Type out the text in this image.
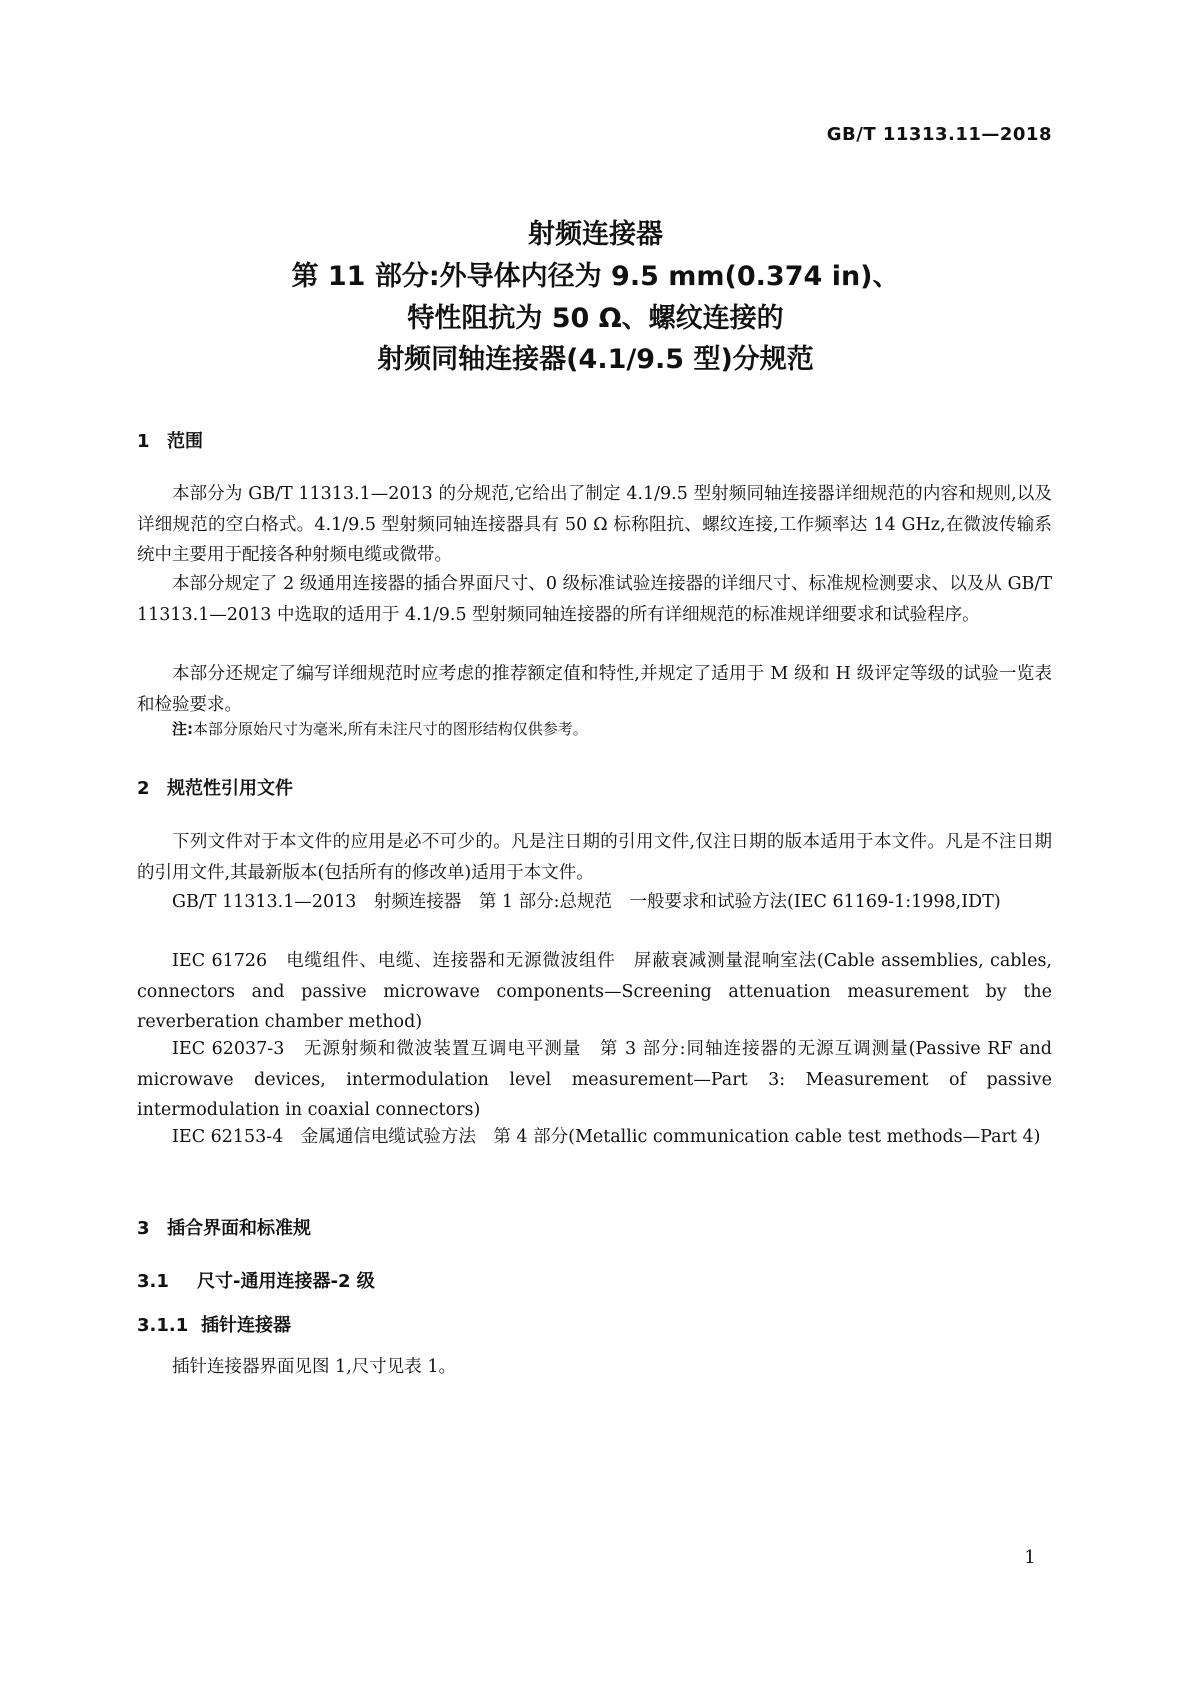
GB/T 11313.11—2018
射频连接器
第 11 部分:外导体内径为 9.5 mm(0.374 in)、
特性阻抗为 50 Ω、螺纹连接的
射频同轴连接器(4.1/9.5 型)分规范
1 范围
本部分为 GB/T 11313.1—2013 的分规范,它给出了制定 4.1/9.5 型射频同轴连接器详细规范的内容和规则,以及详细规范的空白格式。4.1/9.5 型射频同轴连接器具有 50 Ω 标称阻抗、螺纹连接,工作频率达 14 GHz,在微波传输系统中主要用于配接各种射频电缆或微带。
本部分规定了 2 级通用连接器的插合界面尺寸、0 级标准试验连接器的详细尺寸、标准规检测要求、以及从 GB/T 11313.1—2013 中选取的适用于 4.1/9.5 型射频同轴连接器的所有详细规范的标准规详细要求和试验程序。
本部分还规定了编写详细规范时应考虑的推荐额定值和特性,并规定了适用于 M 级和 H 级评定等级的试验一览表和检验要求。
注:本部分原始尺寸为毫米,所有未注尺寸的图形结构仅供参考。
2 规范性引用文件
下列文件对于本文件的应用是必不可少的。凡是注日期的引用文件,仅注日期的版本适用于本文件。凡是不注日期的引用文件,其最新版本(包括所有的修改单)适用于本文件。
GB/T 11313.1—2013　射频连接器　第 1 部分:总规范　一般要求和试验方法(IEC 61169-1:1998,IDT)
IEC 61726　电缆组件、电缆、连接器和无源微波组件　屏蔽衰减测量混响室法(Cable assemblies, cables, connectors and passive microwave components—Screening attenuation measurement by the reverberation chamber method)
IEC 62037-3　无源射频和微波装置互调电平测量　第 3 部分:同轴连接器的无源互调测量(Passive RF and microwave devices, intermodulation level measurement—Part 3: Measurement of passive intermodulation in coaxial connectors)
IEC 62153-4　金属通信电缆试验方法　第 4 部分(Metallic communication cable test methods—Part 4)
3 插合界面和标准规
3.1 尺寸-通用连接器-2 级
3.1.1 插针连接器
插针连接器界面见图 1,尺寸见表 1。
1
